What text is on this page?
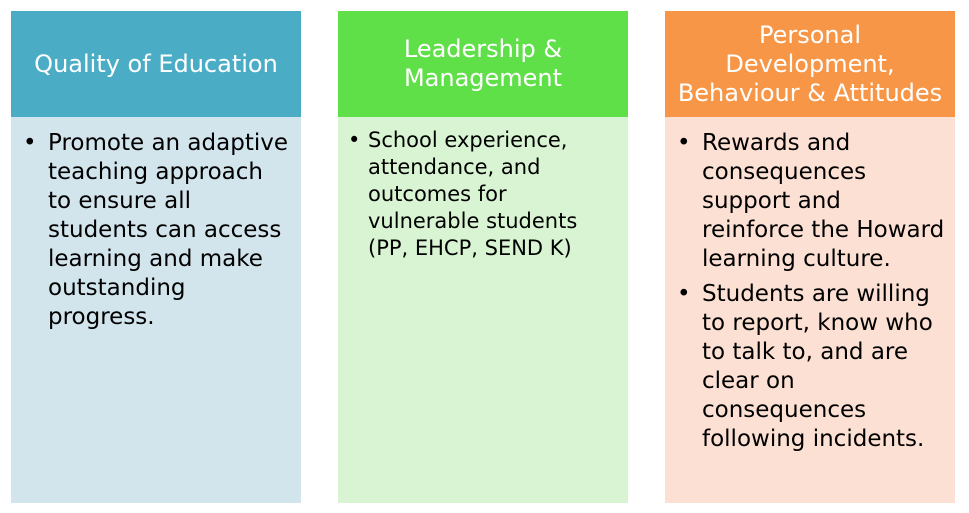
Quality of Education
• Promote an adaptive teaching approach to ensure all students can access learning and make outstanding progress.
Leadership & Management
• School experience, attendance, and outcomes for vulnerable students (PP, EHCP, SEND K)
Personal Development, Behaviour & Attitudes
• Rewards and consequences support and reinforce the Howard learning culture.
• Students are willing to report, know who to talk to, and are clear on consequences following incidents.
